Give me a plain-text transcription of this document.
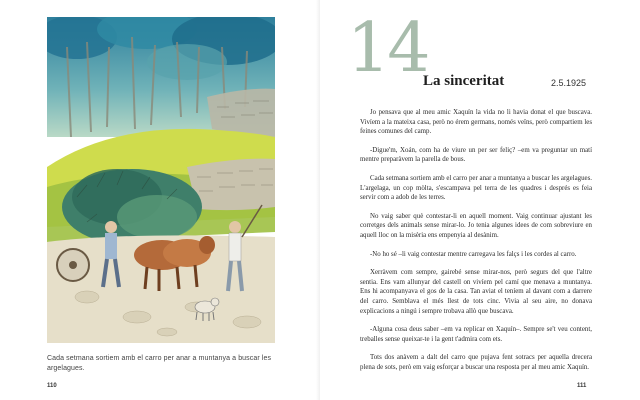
Cada setmana sortiem amb el carro per anar a muntanya a buscar les argelagues.
110
14
La sinceritat	2.5.1925

Jo pensava que al meu amic Xaquín la vida no li havia donat el que buscava. Vivíem a la mateixa casa, però no érem germans, només veïns, però compartiem les feines comunes del camp.

-Digue'm, Xoán, com ha de viure un per ser feliç? –em va preguntar un matí mentre preparàvem la parella de bous.

Cada setmana sortiem amb el carro per anar a muntanya a buscar les argelagues. L'argelaga, un cop mòlta, s'escampava pel terra de les quadres i després es feia servir com a adob de les terres.

No vaig saber què contestar-li en aquell moment. Vaig continuar ajustant les corretges dels animals sense mirar-lo. Jo tenia algunes idees de com sobreviure en aquell lloc on la misèria ens empenyia al desànim.

-No ho sé –li vaig contestar mentre carregava les falçs i les cordes al carro.

Xerràvem com sempre, gairebé sense mirar-nos, però segurs del que l'altre sentia. Ens vam allunyar del castell on vivíem pel camí que menava a muntanya. Ens hi acompanyava el gos de la casa. Tan aviat el teníem al davant com a darrere del carro. Semblava el més llest de tots cinc. Vivia al seu aire, no donava explicacions a ningú i sempre trobava allò que buscava.

-Alguna cosa deus saber –em va replicar en Xaquín–. Sempre se't veu content, treballes sense queixar-te i la gent t'admira com ets.

Tots dos anàvem a dalt del carro que pujava fent sotracs per aquella drecera plena de sots, però em vaig esforçar a buscar una resposta per al meu amic Xaquín.

111
